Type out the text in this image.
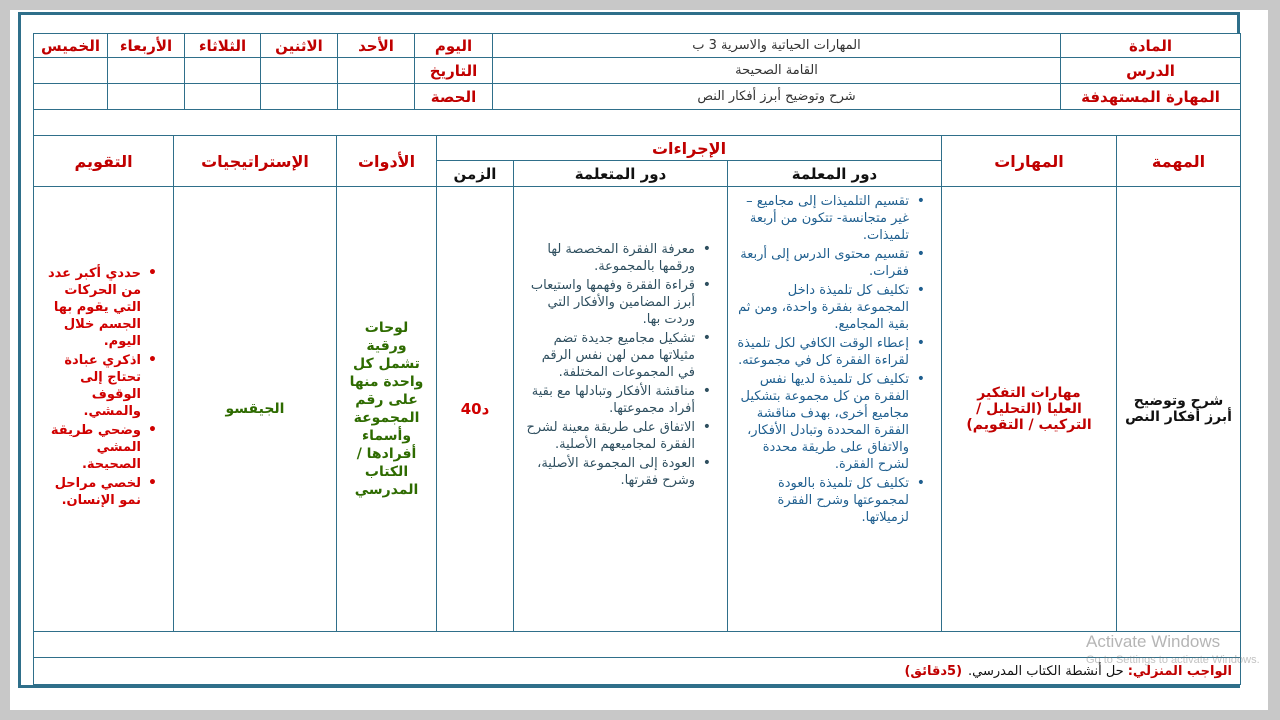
المادة
المهارات الحياتية والاسرية 3 ب
اليوم
الأحد
الاثنين
الثلاثاء
الأربعاء
الخميس
الدرس
القامة الصحيحة
التاريخ
المهارة المستهدفة
شرح وتوضيح أبرز أفكار النص
الحصة
المهمة
المهارات
الإجراءات
دور المعلمة
دور المتعلمة
الزمن
الأدوات
الإستراتيجيات
التقويم
شرح وتوضيح أبرز أفكار النص
مهارات التفكير العليا (التحليل / التركيب / التقويم)
•
تقسيم التلميذات إلى مجاميع – غير متجانسة- تتكون من أربعة تلميذات.
•
تقسيم محتوى الدرس إلى أربعة فقرات.
•
تكليف كل تلميذة داخل المجموعة بفقرة واحدة، ومن ثم بقية المجاميع.
•
إعطاء الوقت الكافي لكل تلميذة لقراءة الفقرة كل في مجموعته.
•
تكليف كل تلميذة لديها نفس الفقرة من كل مجموعة بتشكيل مجاميع أخرى، بهدف مناقشة الفقرة المحددة وتبادل الأفكار، والاتفاق على طريقة محددة لشرح الفقرة.
•
تكليف كل تلميذة بالعودة لمجموعتها وشرح الفقرة لزميلاتها.
•
معرفة الفقرة المخصصة لها ورقمها بالمجموعة.
•
قراءة الفقرة وفهمها واستيعاب أبرز المضامين والأفكار التي وردت بها.
•
تشكيل مجاميع جديدة تضم مثيلاتها ممن لهن نفس الرقم في المجموعات المختلفة.
•
مناقشة الأفكار وتبادلها مع بقية أفراد مجموعتها.
•
الاتفاق على طريقة معينة لشرح الفقرة لمجاميعهم الأصلية.
•
العودة إلى المجموعة الأصلية، وشرح فقرتها.
40د
لوحات ورقية تشمل كل واحدة منها على رقم المجموعة وأسماء أفرادها / الكتاب المدرسي
الجيقسو
•
حددي أكبر عدد من الحركات التي يقوم بها الجسم خلال اليوم.
•
اذكري عبادة تحتاج إلى الوقوف والمشي.
•
وضحي طريقة المشي الصحيحة.
•
لخصي مراحل نمو الإنسان.
الواجب المنزلي:
حل أنشطة الكتاب المدرسي.
(5دقائق)
Activate Windows
Go to Settings to activate Windows.
